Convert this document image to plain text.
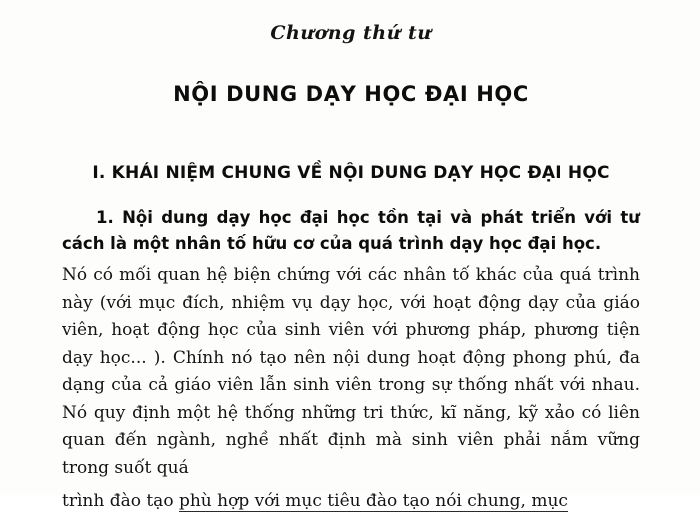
Chương thứ tư
NỘI DUNG DẠY HỌC ĐẠI HỌC
I. KHÁI NIỆM CHUNG VỀ NỘI DUNG DẠY HỌC ĐẠI HỌC

1. Nội dung dạy học đại học tồn tại và phát triển với tư cách là một nhân tố hữu cơ của quá trình dạy học đại học.

Nó có mối quan hệ biện chứng với các nhân tố khác của quá trình này (với mục đích, nhiệm vụ dạy học, với hoạt động dạy của giáo viên, hoạt động học của sinh viên với phương pháp, phương tiện dạy học... ). Chính nó tạo nên nội dung hoạt động phong phú, đa dạng của cả giáo viên lẫn sinh viên trong sự thống nhất với nhau. Nó quy định một hệ thống những tri thức, kĩ năng, kỹ xảo có liên quan đến ngành, nghề nhất định mà sinh viên phải nắm vững trong suốt quá

trình đào tạo phù hợp với mục tiêu đào tạo nói chung, mục
